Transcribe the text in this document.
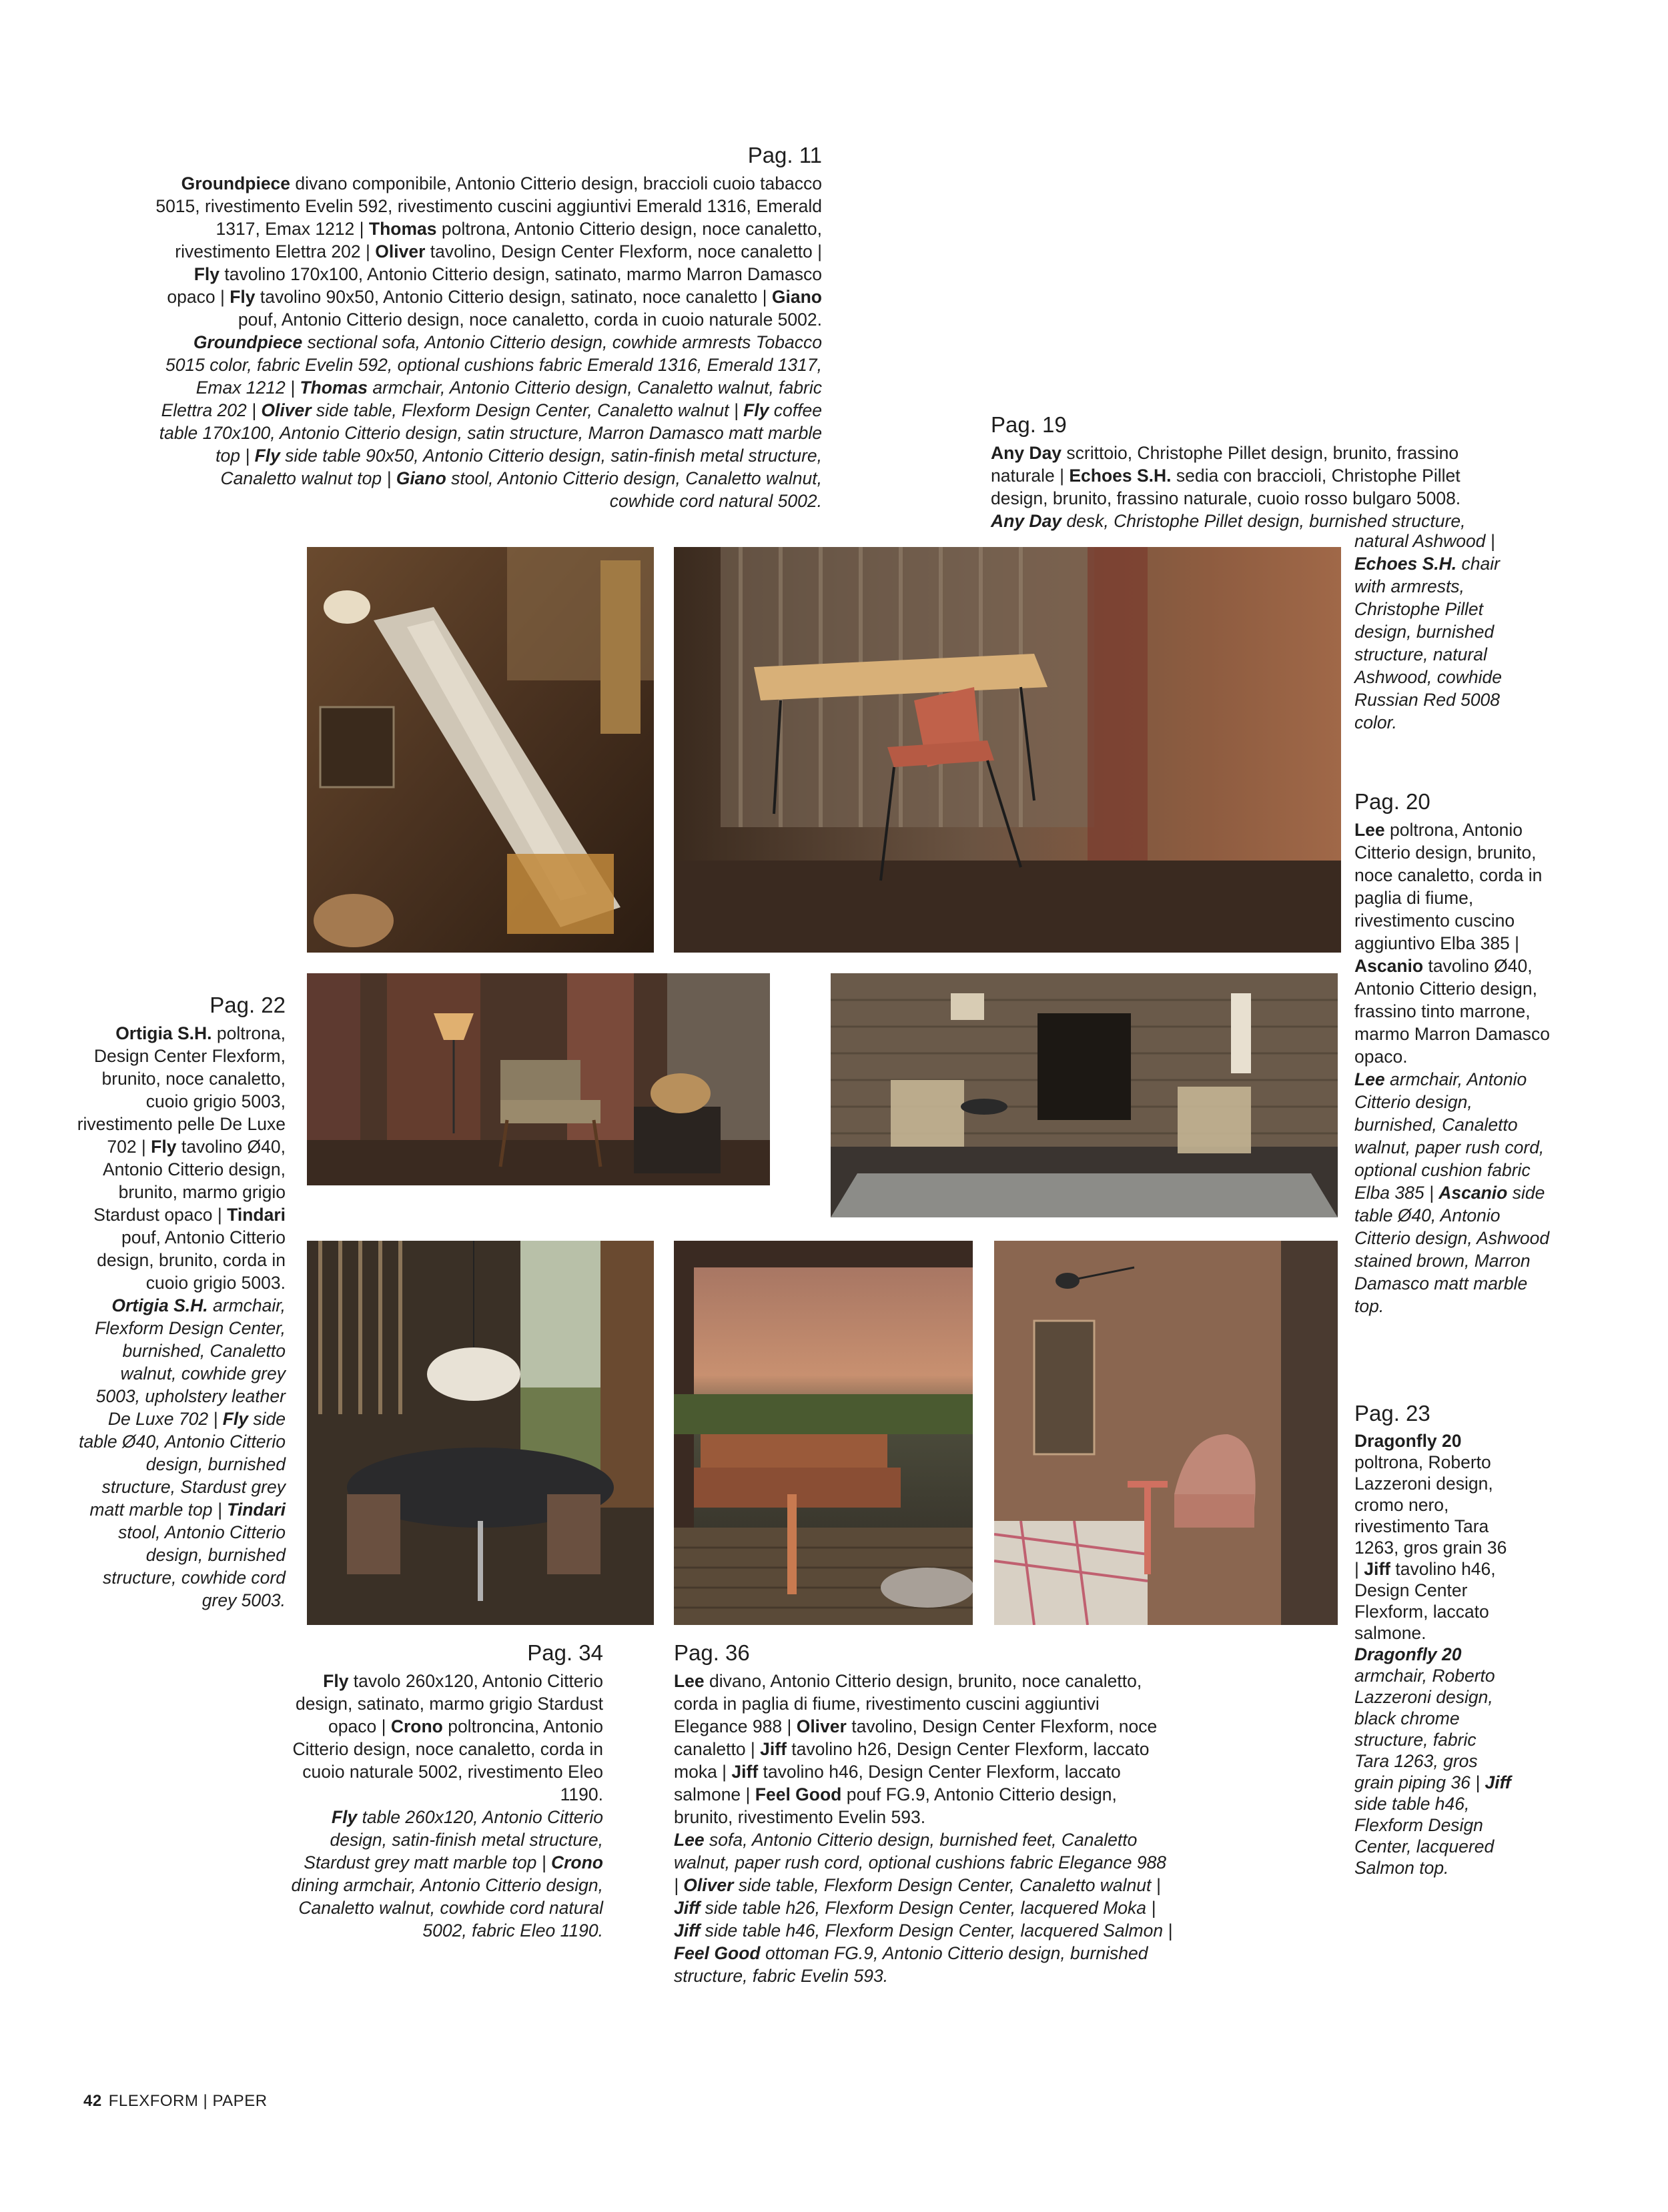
Pag. 11
Groundpiece divano componibile, Antonio Citterio design, braccioli cuoio tabacco 5015, rivestimento Evelin 592, rivestimento cuscini aggiuntivi Emerald 1316, Emerald 1317, Emax 1212 | Thomas poltrona, Antonio Citterio design, noce canaletto, rivestimento Elettra 202 | Oliver tavolino, Design Center Flexform, noce canaletto | Fly tavolino 170x100, Antonio Citterio design, satinato, marmo Marron Damasco opaco | Fly tavolino 90x50, Antonio Citterio design, satinato, noce canaletto | Giano pouf, Antonio Citterio design, noce canaletto, corda in cuoio naturale 5002.
Groundpiece sectional sofa, Antonio Citterio design, cowhide armrests Tobacco 5015 color, fabric Evelin 592, optional cushions fabric Emerald 1316, Emerald 1317, Emax 1212 | Thomas armchair, Antonio Citterio design, Canaletto walnut, fabric Elettra 202 | Oliver side table, Flexform Design Center, Canaletto walnut | Fly coffee table 170x100, Antonio Citterio design, satin structure, Marron Damasco matt marble top | Fly side table 90x50, Antonio Citterio design, satin-finish metal structure, Canaletto walnut top | Giano stool, Antonio Citterio design, Canaletto walnut, cowhide cord natural 5002.
Pag. 19
Any Day scrittoio, Christophe Pillet design, brunito, frassino naturale | Echoes S.H. sedia con braccioli, Christophe Pillet design, brunito, frassino naturale, cuoio rosso bulgaro 5008.
Any Day desk, Christophe Pillet design, burnished structure,
natural Ashwood | Echoes S.H. chair with armrests, Christophe Pillet design, burnished structure, natural Ashwood, cowhide Russian Red 5008 color.
Pag. 20
Lee poltrona, Antonio Citterio design, brunito, noce canaletto, corda in paglia di fiume, rivestimento cuscino aggiuntivo Elba 385 | Ascanio tavolino Ø40, Antonio Citterio design, frassino tinto marrone, marmo Marron Damasco opaco.
Lee armchair, Antonio Citterio design, burnished, Canaletto walnut, paper rush cord, optional cushion fabric Elba 385 | Ascanio side table Ø40, Antonio Citterio design, Ashwood stained brown, Marron Damasco matt marble top.
Pag. 22
Ortigia S.H. poltrona, Design Center Flexform, brunito, noce canaletto, cuoio grigio 5003, rivestimento pelle De Luxe 702 | Fly tavolino Ø40, Antonio Citterio design, brunito, marmo grigio Stardust opaco | Tindari pouf, Antonio Citterio design, brunito, corda in cuoio grigio 5003.
Ortigia S.H. armchair, Flexform Design Center, burnished, Canaletto walnut, cowhide grey 5003, upholstery leather De Luxe 702 | Fly side table Ø40, Antonio Citterio design, burnished structure, Stardust grey matt marble top | Tindari stool, Antonio Citterio design, burnished structure, cowhide cord grey 5003.
Pag. 23
Dragonfly 20 poltrona, Roberto Lazzeroni design, cromo nero, rivestimento Tara 1263, gros grain 36 | Jiff tavolino h46, Design Center Flexform, laccato salmone.
Dragonfly 20 armchair, Roberto Lazzeroni design, black chrome structure, fabric Tara 1263, gros grain piping 36 | Jiff side table h46, Flexform Design Center, lacquered Salmon top.
Pag. 34
Fly tavolo 260x120, Antonio Citterio design, satinato, marmo grigio Stardust opaco | Crono poltroncina, Antonio Citterio design, noce canaletto, corda in cuoio naturale 5002, rivestimento Eleo 1190.
Fly table 260x120, Antonio Citterio design, satin-finish metal structure, Stardust grey matt marble top | Crono dining armchair, Antonio Citterio design, Canaletto walnut, cowhide cord natural 5002, fabric Eleo 1190.
Pag. 36
Lee divano, Antonio Citterio design, brunito, noce canaletto, corda in paglia di fiume, rivestimento cuscini aggiuntivi Elegance 988 | Oliver tavolino, Design Center Flexform, noce canaletto | Jiff tavolino h26, Design Center Flexform, laccato moka | Jiff tavolino h46, Design Center Flexform, laccato salmone | Feel Good pouf FG.9, Antonio Citterio design, brunito, rivestimento Evelin 593.
Lee sofa, Antonio Citterio design, burnished feet, Canaletto walnut, paper rush cord, optional cushions fabric Elegance 988 | Oliver side table, Flexform Design Center, Canaletto walnut | Jiff side table h26, Flexform Design Center, lacquered Moka | Jiff side table h46, Flexform Design Center, lacquered Salmon | Feel Good ottoman FG.9, Antonio Citterio design, burnished structure, fabric Evelin 593.
42 FLEXFORM | PAPER
